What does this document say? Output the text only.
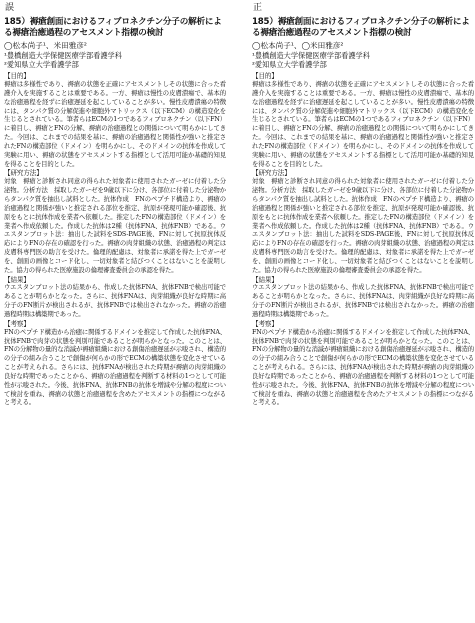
誤
185）褥瘡創面におけるフィブロネクチン分子の解析による褥瘡治癒過程のアセスメント指標の検討
◯松本尚子¹、米田雅彦²
¹豊橋創造大学保健医療学部看護学科
²愛知県立大学看護学部
【目的】

褥瘡は多様性であり、褥瘡の状態を正確にアセスメントしその状態に合った看護介入を実施することは重要である。一方、褥瘡は慢性の皮膚潰瘍で、基本的な治癒過程を経ずに治癒遅延を起こしていることが多い。慢性皮膚潰瘍の特徴には、タンパク質の分解促進や細胞外マトリックス（以下ECM）の構造変化を生じるとされている。筆者らはECMの1つであるフィブロネクチン（以下FN）に着目し、褥瘡とFNの分解、褥瘡の治癒過程との関係について明らかにしてきた。今回は、これまでの結果を基に、褥瘡の治癒過程と関係性が強いと推定されたFNの構造部位（ドメイン）を明らかにし、そのドメインの抗体を作成して実験に用い、褥瘡の状態をアセスメントする指標として活用可能か基礎的知見を得ることを目的とした。

【研究方法】

対象　褥瘡と診断され同意の得られた対象者に使用されたガーゼに付着した分泌物。分析方法　採取したガーゼを9歳以下に分け、各部位に付着した分泌物からタンパク質を抽出し試料とした。抗体作成　FNのペプチド構造より、褥瘡の治癒過程と関係が強いと推定される部位を推定、抗原が発現可能か確認後、抗原をもとに抗体作成を業者へ依頼した。推定したFNの構造部位（ドメイン）を業者へ作成依頼した。作成した抗体は2種（抗体FNA、抗体FNB）である。ウエスタンブロット法：抽出した試料をSDS-PAGE後、FNに対して抗原抗体反応によりFNの存在の確認を行った。褥瘡の肉芽組織の状態、治癒過程の判定は皮膚科専門医の助言を受けた。倫理的配慮は、対象者に承諾を得た上でガーゼを、創面の画像とコード化し、一切対象者と結びつくことはないことを説明した。協力の得られた医療施設の倫理審査委員会の承認を得た。

【結果】

ウエスタンブロット法の結果から、作成した抗体FNA、抗体FNBで検出可能であることが明らかとなった。さらに、抗体FNAは、肉芽組織が良好な時期に高分子のFN断片が検出されるが、抗体FNBでは検出されなかった。褥瘡の治癒過程時期は構築期であった。

【考察】

FNのペプチド構造から治癒に関係するドメインを推定して作成した抗体FNA、抗体FNBで肉芽の状態を判別可能であることが明らかとなった。このことは、FNの分解物の量的な消滅が褥瘡組織における創傷治癒遅延が示唆され、構造的の分子の組み合うことで創傷が何らかの形でECMの構築状態を変化させていることが考えられる。さらには、抗体FNAが検出された時期が褥瘡の肉芽組織の良好な時期であったことから、褥瘡の治癒過程を判断する材料の1つとして可能性が示唆された。今後、抗体FNA、抗体FNBの抗体を増減や分解の程度について検討を重ね、褥瘡の状態と治癒過程を含めたアセスメントの指標につながると考える。

正
185）褥瘡創面におけるフィブロネクチン分子の解析による褥瘡治癒過程のアセスメント指標の検討
◯松本尚子¹、◯米田雅彦²
¹豊橋創造大学保健医療学部看護学科
²愛知県立大学看護学部
【目的】

褥瘡は多様性であり、褥瘡の状態を正確にアセスメントしその状態に合った看護介入を実施することは重要である。一方、褥瘡は慢性の皮膚潰瘍で、基本的な治癒過程を経ずに治癒遅延を起こしていることが多い。慢性皮膚潰瘍の特徴には、タンパク質の分解促進や細胞外マトリックス（以下ECM）の構造変化を生じるとされている。筆者らはECMの1つであるフィブロネクチン（以下FN）に着目し、褥瘡とFNの分解、褥瘡の治癒過程との関係について明らかにしてきた。今回は、これまでの結果を基に、褥瘡の治癒過程と関係性が強いと推定されたFNの構造部位（ドメイン）を明らかにし、そのドメインの抗体を作成して実験に用い、褥瘡の状態をアセスメントする指標として活用可能か基礎的知見を得ることを目的とした。

【研究方法】

対象　褥瘡と診断され同意の得られた対象者に使用されたガーゼに付着した分泌物。分析方法　採取したガーゼを9歳以下に分け、各部位に付着した分泌物からタンパク質を抽出し試料とした。抗体作成　FNのペプチド構造より、褥瘡の治癒過程と関係が強いと推定される部位を推定、抗原が発現可能か確認後、抗原をもとに抗体作成を業者へ依頼した。推定したFNの構造部位（ドメイン）を業者へ作成依頼した。作成した抗体は2種（抗体FNA、抗体FNB）である。ウエスタンブロット法：抽出した試料をSDS-PAGE後、FNに対して抗原抗体反応によりFNの存在の確認を行った。褥瘡の肉芽組織の状態、治癒過程の判定は皮膚科専門医の助言を受けた。倫理的配慮は、対象者に承諾を得た上でガーゼを、創面の画像とコード化し、一切対象者と結びつくことはないことを説明した。協力の得られた医療施設の倫理審査委員会の承認を得た。

【結果】

ウエスタンブロット法の結果から、作成した抗体FNA、抗体FNBで検出可能であることが明らかとなった。さらに、抗体FNAは、肉芽組織が良好な時期に高分子のFN断片が検出されるが、抗体FNBでは検出されなかった。褥瘡の治癒過程時期は構築期であった。

【考察】

FNのペプチド構造から治癒に関係するドメインを推定して作成した抗体FNA、抗体FNBで肉芽の状態を判別可能であることが明らかとなった。このことは、FNの分解物の量的な消滅が褥瘡組織における創傷治癒遅延が示唆され、構造的の分子の組み合うことで創傷が何らかの形でECMの構築状態を変化させていることが考えられる。さらには、抗体FNAが検出された時期が褥瘡の肉芽組織の良好な時期であったことから、褥瘡の治癒過程を判断する材料の1つとして可能性が示唆された。今後、抗体FNA、抗体FNBの抗体を増減や分解の程度について検討を重ね、褥瘡の状態と治癒過程を含めたアセスメントの指標につながると考える。
